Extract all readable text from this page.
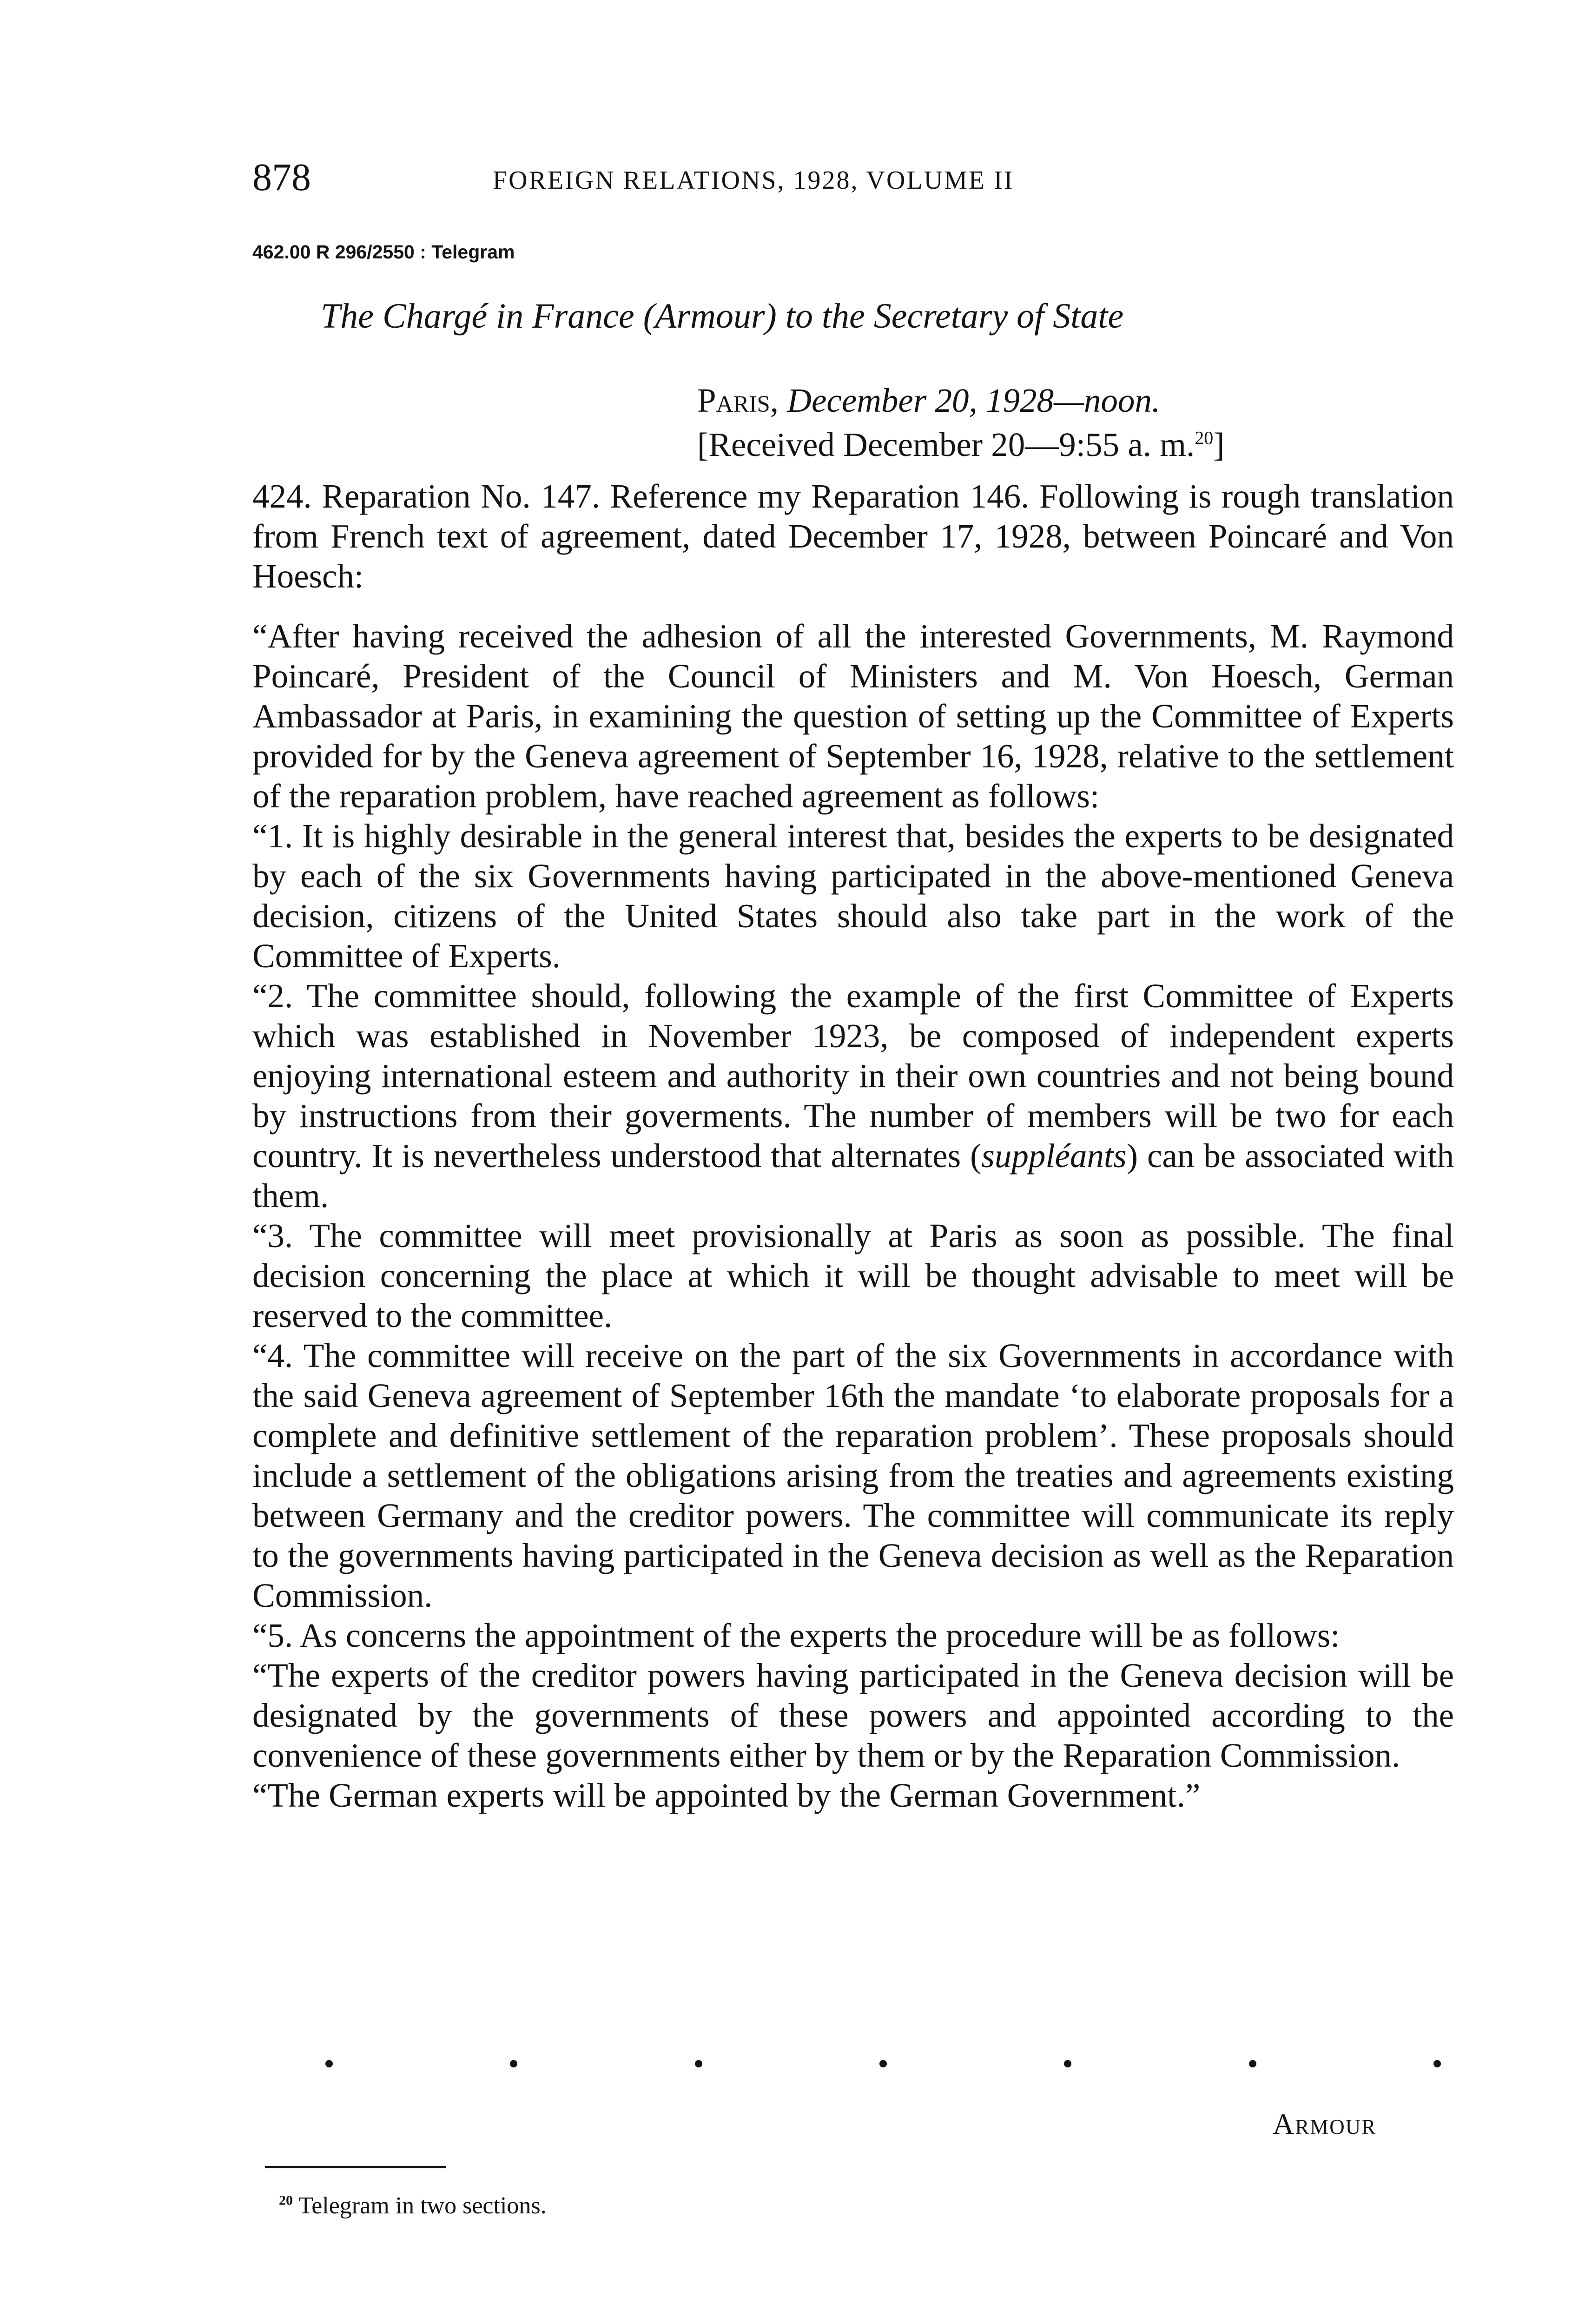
878	FOREIGN RELATIONS, 1928, VOLUME II
462.00 R 296/2550 : Telegram
The Chargé in France (Armour) to the Secretary of State
Paris, December 20, 1928—noon.
[Received December 20—9:55 a. m.$^{20}$]

424. Reparation No. 147. Reference my Reparation 146. Following is rough translation from French text of agreement, dated December 17, 1928, between Poincaré and Von Hoesch:

“After having received the adhesion of all the interested Governments, M. Raymond Poincaré, President of the Council of Ministers and M. Von Hoesch, German Ambassador at Paris, in examining the question of setting up the Committee of Experts provided for by the Geneva agreement of September 16, 1928, relative to the settlement of the reparation problem, have reached agreement as follows:

“1. It is highly desirable in the general interest that, besides the experts to be designated by each of the six Governments having participated in the above-mentioned Geneva decision, citizens of the United States should also take part in the work of the Committee of Experts.

“2. The committee should, following the example of the first Committee of Experts which was established in November 1923, be composed of independent experts enjoying international esteem and authority in their own countries and not being bound by instructions from their goverments. The number of members will be two for each country. It is nevertheless understood that alternates (suppléants) can be associated with them.

“3. The committee will meet provisionally at Paris as soon as possible. The final decision concerning the place at which it will be thought advisable to meet will be reserved to the committee.

“4. The committee will receive on the part of the six Governments in accordance with the said Geneva agreement of September 16th the mandate ‘to elaborate proposals for a complete and definitive settlement of the reparation problem’. These proposals should include a settlement of the obligations arising from the treaties and agreements existing between Germany and the creditor powers. The committee will communicate its reply to the governments having participated in the Geneva decision as well as the Reparation Commission.

“5. As concerns the appointment of the experts the procedure will be as follows:

“The experts of the creditor powers having participated in the Geneva decision will be designated by the governments of these powers and appointed according to the convenience of these governments either by them or by the Reparation Commission.

“The German experts will be appointed by the German Government.”

Armour
$^{20}$ Telegram in two sections.
